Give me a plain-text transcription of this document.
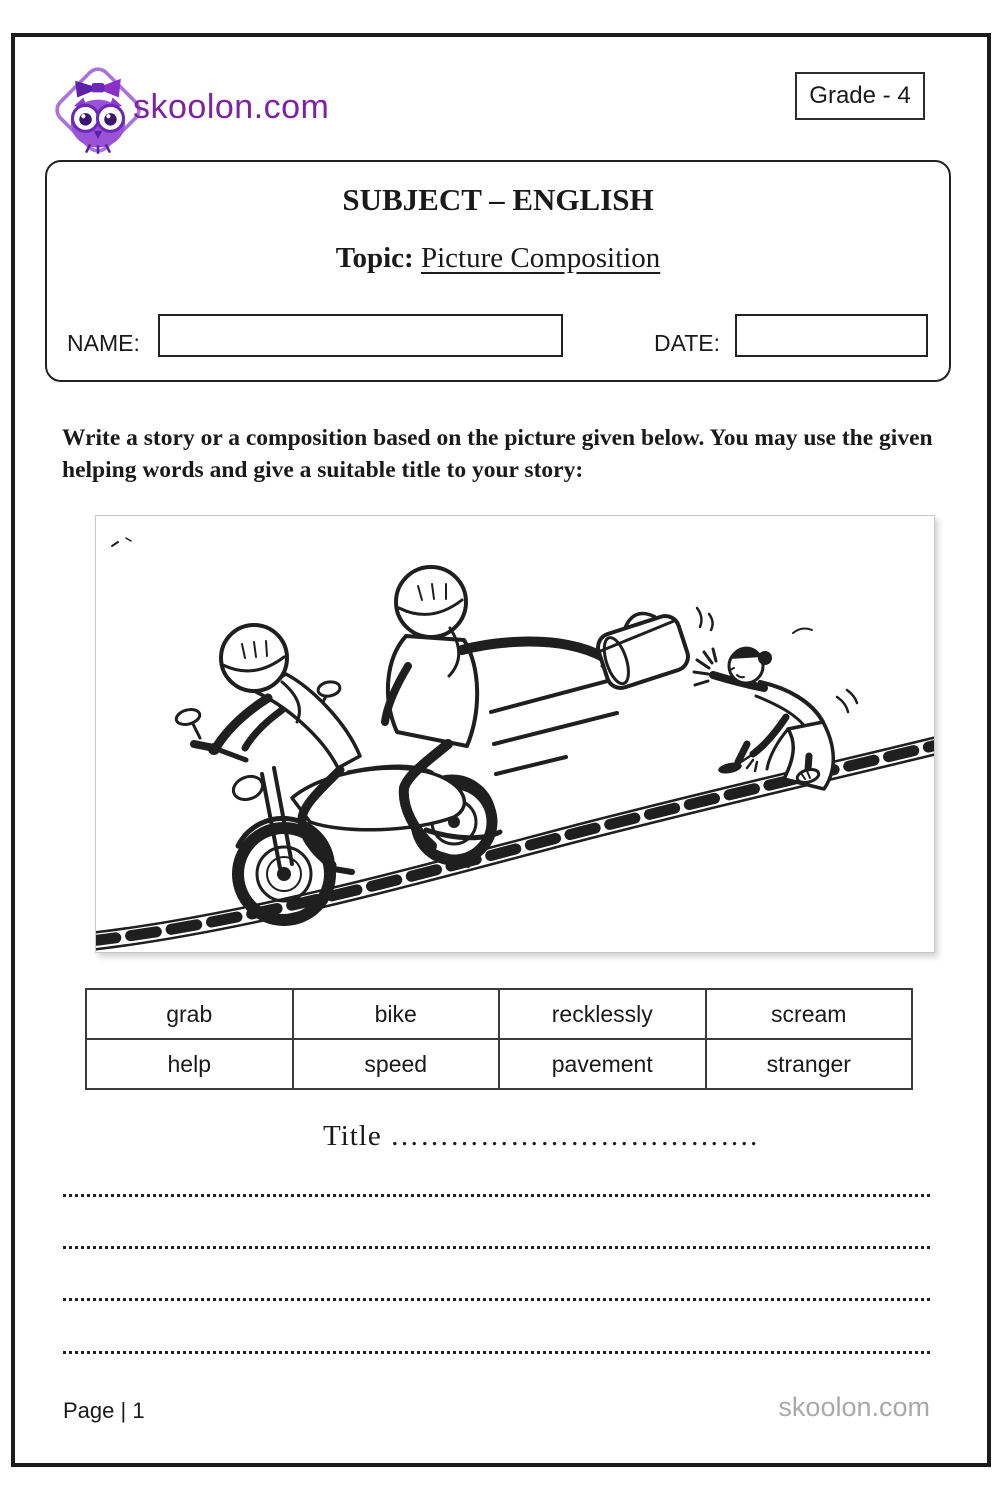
skoolon.com	Grade - 4
SUBJECT – ENGLISH
Topic: Picture Composition
NAME:	DATE:
Write a story or a composition based on the picture given below. You may use the given helping words and give a suitable title to your story:
grab	bike	recklessly	scream
help	speed	pavement	stranger
Title ……………………………….
Page | 1	skoolon.com
